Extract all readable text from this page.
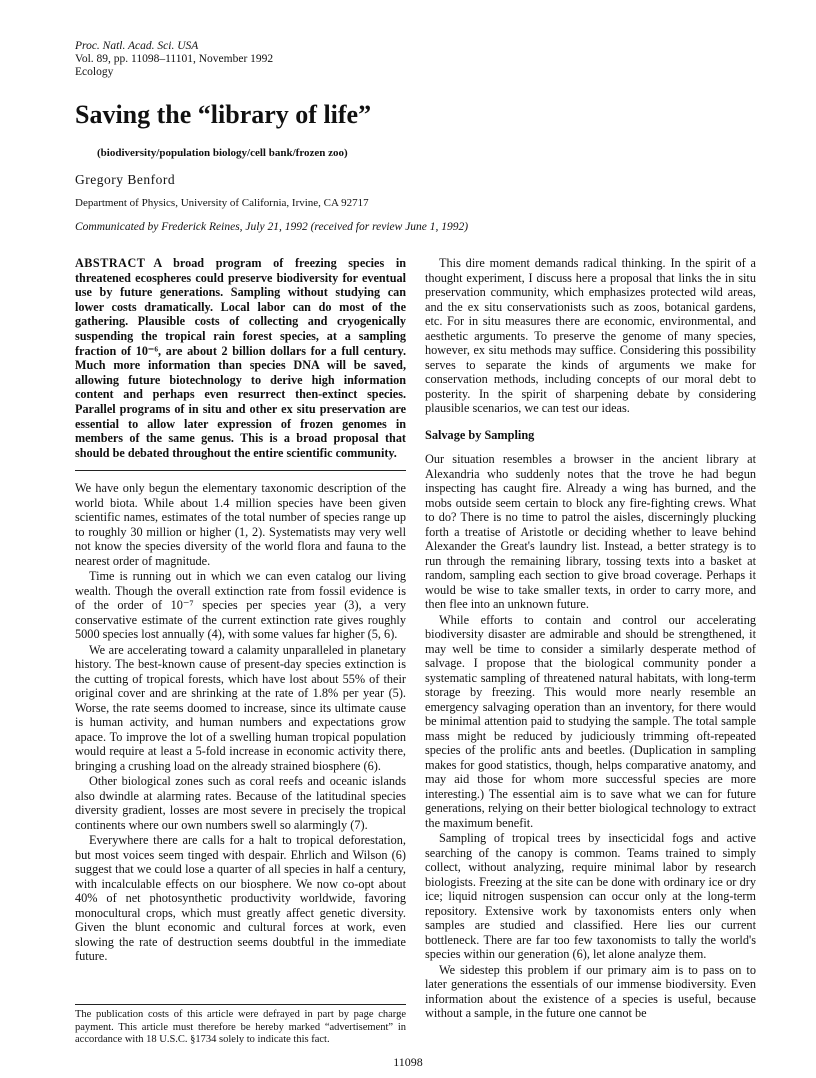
Proc. Natl. Acad. Sci. USA
Vol. 89, pp. 11098–11101, November 1992
Ecology
Saving the “library of life”
(biodiversity/population biology/cell bank/frozen zoo)
Gregory Benford
Department of Physics, University of California, Irvine, CA 92717
Communicated by Frederick Reines, July 21, 1992 (received for review June 1, 1992)

ABSTRACT A broad program of freezing species in threatened ecospheres could preserve biodiversity for eventual use by future generations. Sampling without studying can lower costs dramatically. Local labor can do most of the gathering. Plausible costs of collecting and cryogenically suspending the tropical rain forest species, at a sampling fraction of 10⁻⁶, are about 2 billion dollars for a full century. Much more information than species DNA will be saved, allowing future biotechnology to derive high information content and perhaps even resurrect then-extinct species. Parallel programs of in situ and other ex situ preservation are essential to allow later expression of frozen genomes in members of the same genus. This is a broad proposal that should be debated throughout the entire scientific community.

We have only begun the elementary taxonomic description of the world biota. While about 1.4 million species have been given scientific names, estimates of the total number of species range up to roughly 30 million or higher (1, 2). Systematists may very well not know the species diversity of the world flora and fauna to the nearest order of magnitude.

Time is running out in which we can even catalog our living wealth. Though the overall extinction rate from fossil evidence is of the order of 10⁻⁷ species per species year (3), a very conservative estimate of the current extinction rate gives roughly 5000 species lost annually (4), with some values far higher (5, 6).

We are accelerating toward a calamity unparalleled in planetary history. The best-known cause of present-day species extinction is the cutting of tropical forests, which have lost about 55% of their original cover and are shrinking at the rate of 1.8% per year (5). Worse, the rate seems doomed to increase, since its ultimate cause is human activity, and human numbers and expectations grow apace. To improve the lot of a swelling human tropical population would require at least a 5-fold increase in economic activity there, bringing a crushing load on the already strained biosphere (6).

Other biological zones such as coral reefs and oceanic islands also dwindle at alarming rates. Because of the latitudinal species diversity gradient, losses are most severe in precisely the tropical continents where our own numbers swell so alarmingly (7).

Everywhere there are calls for a halt to tropical deforestation, but most voices seem tinged with despair. Ehrlich and Wilson (6) suggest that we could lose a quarter of all species in half a century, with incalculable effects on our biosphere. We now co-opt about 40% of net photosynthetic productivity worldwide, favoring monocultural crops, which must greatly affect genetic diversity. Given the blunt economic and cultural forces at work, even slowing the rate of destruction seems doubtful in the immediate future.

This dire moment demands radical thinking. In the spirit of a thought experiment, I discuss here a proposal that links the in situ preservation community, which emphasizes protected wild areas, and the ex situ conservationists such as zoos, botanical gardens, etc. For in situ measures there are economic, environmental, and aesthetic arguments. To preserve the genome of many species, however, ex situ methods may suffice. Considering this possibility serves to separate the kinds of arguments we make for conservation methods, including concepts of our moral debt to posterity. In the spirit of sharpening debate by considering plausible scenarios, we can test our ideas.

Salvage by Sampling

Our situation resembles a browser in the ancient library at Alexandria who suddenly notes that the trove he had begun inspecting has caught fire. Already a wing has burned, and the mobs outside seem certain to block any fire-fighting crews. What to do? There is no time to patrol the aisles, discerningly plucking forth a treatise of Aristotle or deciding whether to leave behind Alexander the Great's laundry list. Instead, a better strategy is to run through the remaining library, tossing texts into a basket at random, sampling each section to give broad coverage. Perhaps it would be wise to take smaller texts, in order to carry more, and then flee into an unknown future.

While efforts to contain and control our accelerating biodiversity disaster are admirable and should be strengthened, it may well be time to consider a similarly desperate method of salvage. I propose that the biological community ponder a systematic sampling of threatened natural habitats, with long-term storage by freezing. This would more nearly resemble an emergency salvaging operation than an inventory, for there would be minimal attention paid to studying the sample. The total sample mass might be reduced by judiciously trimming oft-repeated species of the prolific ants and beetles. (Duplication in sampling makes for good statistics, though, helps comparative anatomy, and may aid those for whom more successful species are more interesting.) The essential aim is to save what we can for future generations, relying on their better biological technology to extract the maximum benefit.

Sampling of tropical trees by insecticidal fogs and active searching of the canopy is common. Teams trained to simply collect, without analyzing, require minimal labor by research biologists. Freezing at the site can be done with ordinary ice or dry ice; liquid nitrogen suspension can occur only at the long-term repository. Extensive work by taxonomists enters only when samples are studied and classified. Here lies our current bottleneck. There are far too few taxonomists to tally the world's species within our generation (6), let alone analyze them.

We sidestep this problem if our primary aim is to pass on to later generations the essentials of our immense biodiversity. Even information about the existence of a species is useful, because without a sample, in the future one cannot be

The publication costs of this article were defrayed in part by page charge payment. This article must therefore be hereby marked “advertisement” in accordance with 18 U.S.C. §1734 solely to indicate this fact.
11098
